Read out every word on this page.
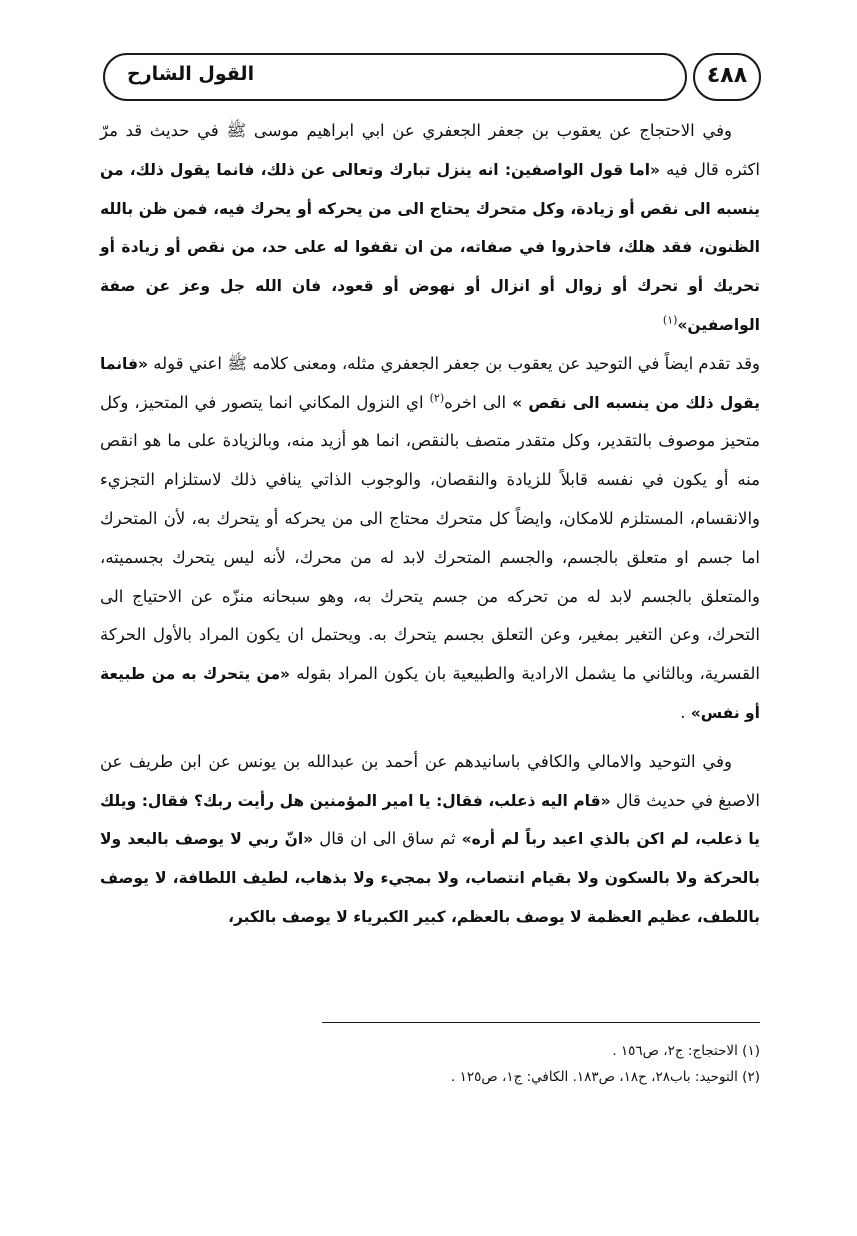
القول الشارح	٤٨٨

وفي الاحتجاج عن يعقوب بن جعفر الجعفري عن ابي ابراهيم موسى ﷺ في حديث قد مرّ اكثره قال فيه «اما قول الواصفين: انه ينزل تبارك وتعالى عن ذلك، فانما يقول ذلك، من ينسبه الى نقص أو زيادة، وكل متحرك يحتاج الى من يحركه أو يحرك فيه، فمن ظن بالله الظنون، فقد هلك، فاحذروا في صفاته، من ان تقفوا له على حد، من نقص أو زيادة أو تحريك أو تحرك أو زوال أو انزال أو نهوض أو قعود، فان الله جل وعز عن صفة الواصفين»$^{(١)}$

وقد تقدم ايضاً في التوحيد عن يعقوب بن جعفر الجعفري مثله، ومعنى كلامه ﷺ اعني قوله «فانما يقول ذلك من ينسبه الى نقص » الى اخره$^{(٢)}$ اي النزول المكاني انما يتصور في المتحيز، وكل متحيز موصوف بالتقدير، وكل متقدر متصف بالنقص، انما هو أزيد منه، وبالزيادة على ما هو انقص منه أو يكون في نفسه قابلاً للزيادة والنقصان، والوجوب الذاتي ينافي ذلك لاستلزام التجزيء والانقسام، المستلزم للامكان، وايضاً كل متحرك محتاج الى من يحركه أو يتحرك به، لأن المتحرك اما جسم او متعلق بالجسم، والجسم المتحرك لابد له من محرك، لأنه ليس يتحرك بجسميته، والمتعلق بالجسم لابد له من تحركه من جسم يتحرك به، وهو سبحانه منزّه عن الاحتياج الى التحرك، وعن التغير بمغير، وعن التعلق بجسم يتحرك به. ويحتمل ان يكون المراد بالأول الحركة القسرية، وبالثاني ما يشمل الارادية والطبيعية بان يكون المراد بقوله «من يتحرك به من طبيعة أو نفس» .

وفي التوحيد والامالي والكافي باسانيدهم عن أحمد بن عبدالله بن يونس عن ابن طريف عن الاصبغ في حديث قال «قام اليه ذعلب، فقال: يا امير المؤمنين هل رأيت ربك؟ فقال: ويلك يا ذعلب، لم اكن بالذي اعبد رباً لم أره» ثم ساق الى ان قال «انّ ربي لا يوصف بالبعد ولا بالحركة ولا بالسكون ولا بقيام انتصاب، ولا بمجيء ولا بذهاب، لطيف اللطافة، لا يوصف باللطف، عظيم العظمة لا يوصف بالعظم، كبير الكبرياء لا يوصف بالكبر،

(١) الاحتجاج: ج٢، ص١٥٦ .

(٢) التوحيد: باب٢٨، ح١٨، ص١٨٣. الكافي: ج١، ص١٢٥ .
